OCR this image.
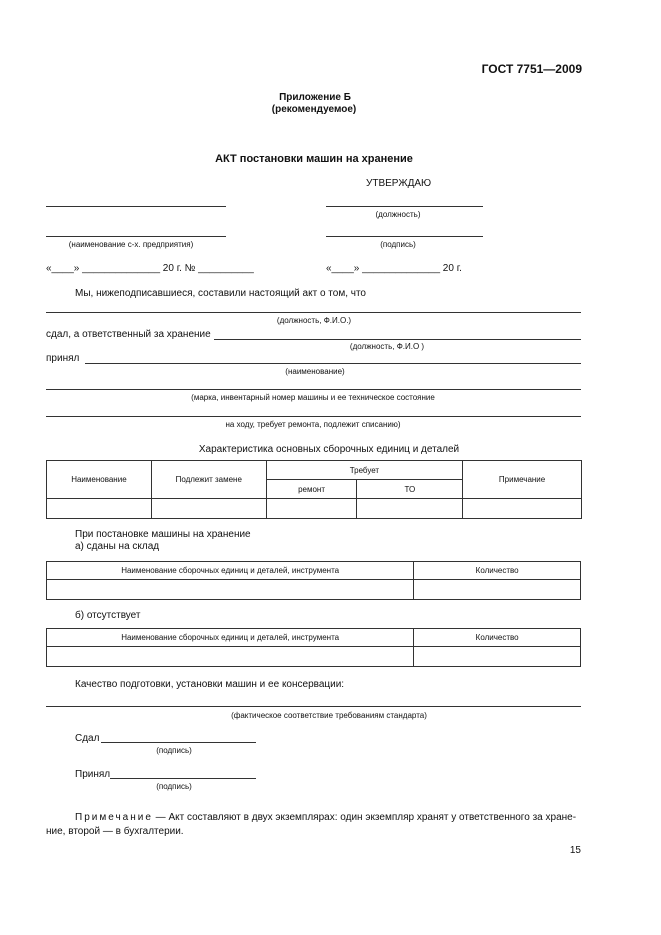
ГОСТ 7751—2009
Приложение Б
(рекомендуемое)
АКТ постановки машин на хранение
УТВЕРЖДАЮ
(должность)
(наименование с-х. предприятия)	(подпись)
«____» ______________ 20 г. № __________	«____» ______________ 20 г.
Мы, нижеподписавшиеся, составили настоящий акт о том, что
(должность, Ф.И.О.)
сдал, а ответственный за хранение
(должность, Ф.И.О )
принял
(наименование)
(марка, инвентарный номер машины и ее техническое состояние
на ходу, требует ремонта, подлежит списанию)
Характеристика основных сборочных единиц и деталей
Наименование	Подлежит замене	Требует		Примечание
		ремонт	ТО	

При постановке машины на хранение
а) сданы на склад
Наименование сборочных единиц и деталей, инструмента	Количество

б) отсутствует
Наименование сборочных единиц и деталей, инструмента	Количество

Качество подготовки, установки машин и ее консервации:
(фактическое соответствие требованиям стандарта)
Сдал
(подпись)
Принял
(подпись)
Примечание — Акт составляют в двух экземплярах: один экземпляр хранят у ответственного за хране-
ние, второй — в бухгалтерии.
15
